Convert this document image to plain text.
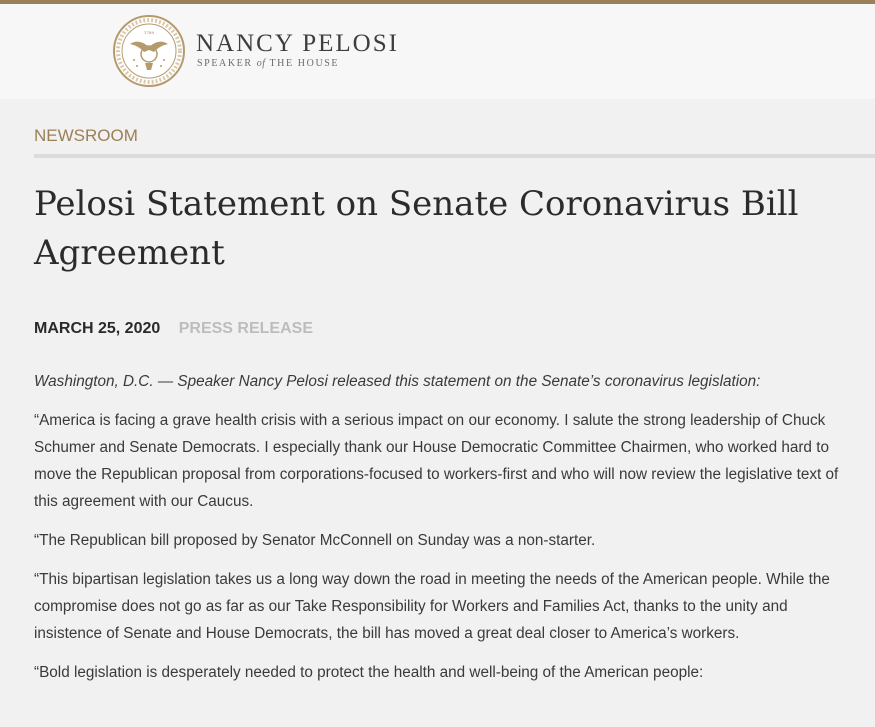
1789 NANCY PELOSI
SPEAKER of THE HOUSE
NEWSROOM
Pelosi Statement on Senate Coronavirus Bill Agreement
MARCH 25, 2020 PRESS RELEASE

Washington, D.C. — Speaker Nancy Pelosi released this statement on the Senate’s coronavirus legislation:

“America is facing a grave health crisis with a serious impact on our economy. I salute the strong leadership of Chuck Schumer and Senate Democrats. I especially thank our House Democratic Committee Chairmen, who worked hard to move the Republican proposal from corporations-focused to workers-first and who will now review the legislative text of this agreement with our Caucus.

“The Republican bill proposed by Senator McConnell on Sunday was a non-starter.

“This bipartisan legislation takes us a long way down the road in meeting the needs of the American people. While the compromise does not go as far as our Take Responsibility for Workers and Families Act, thanks to the unity and insistence of Senate and House Democrats, the bill has moved a great deal closer to America’s workers.

“Bold legislation is desperately needed to protect the health and well-being of the American people:
